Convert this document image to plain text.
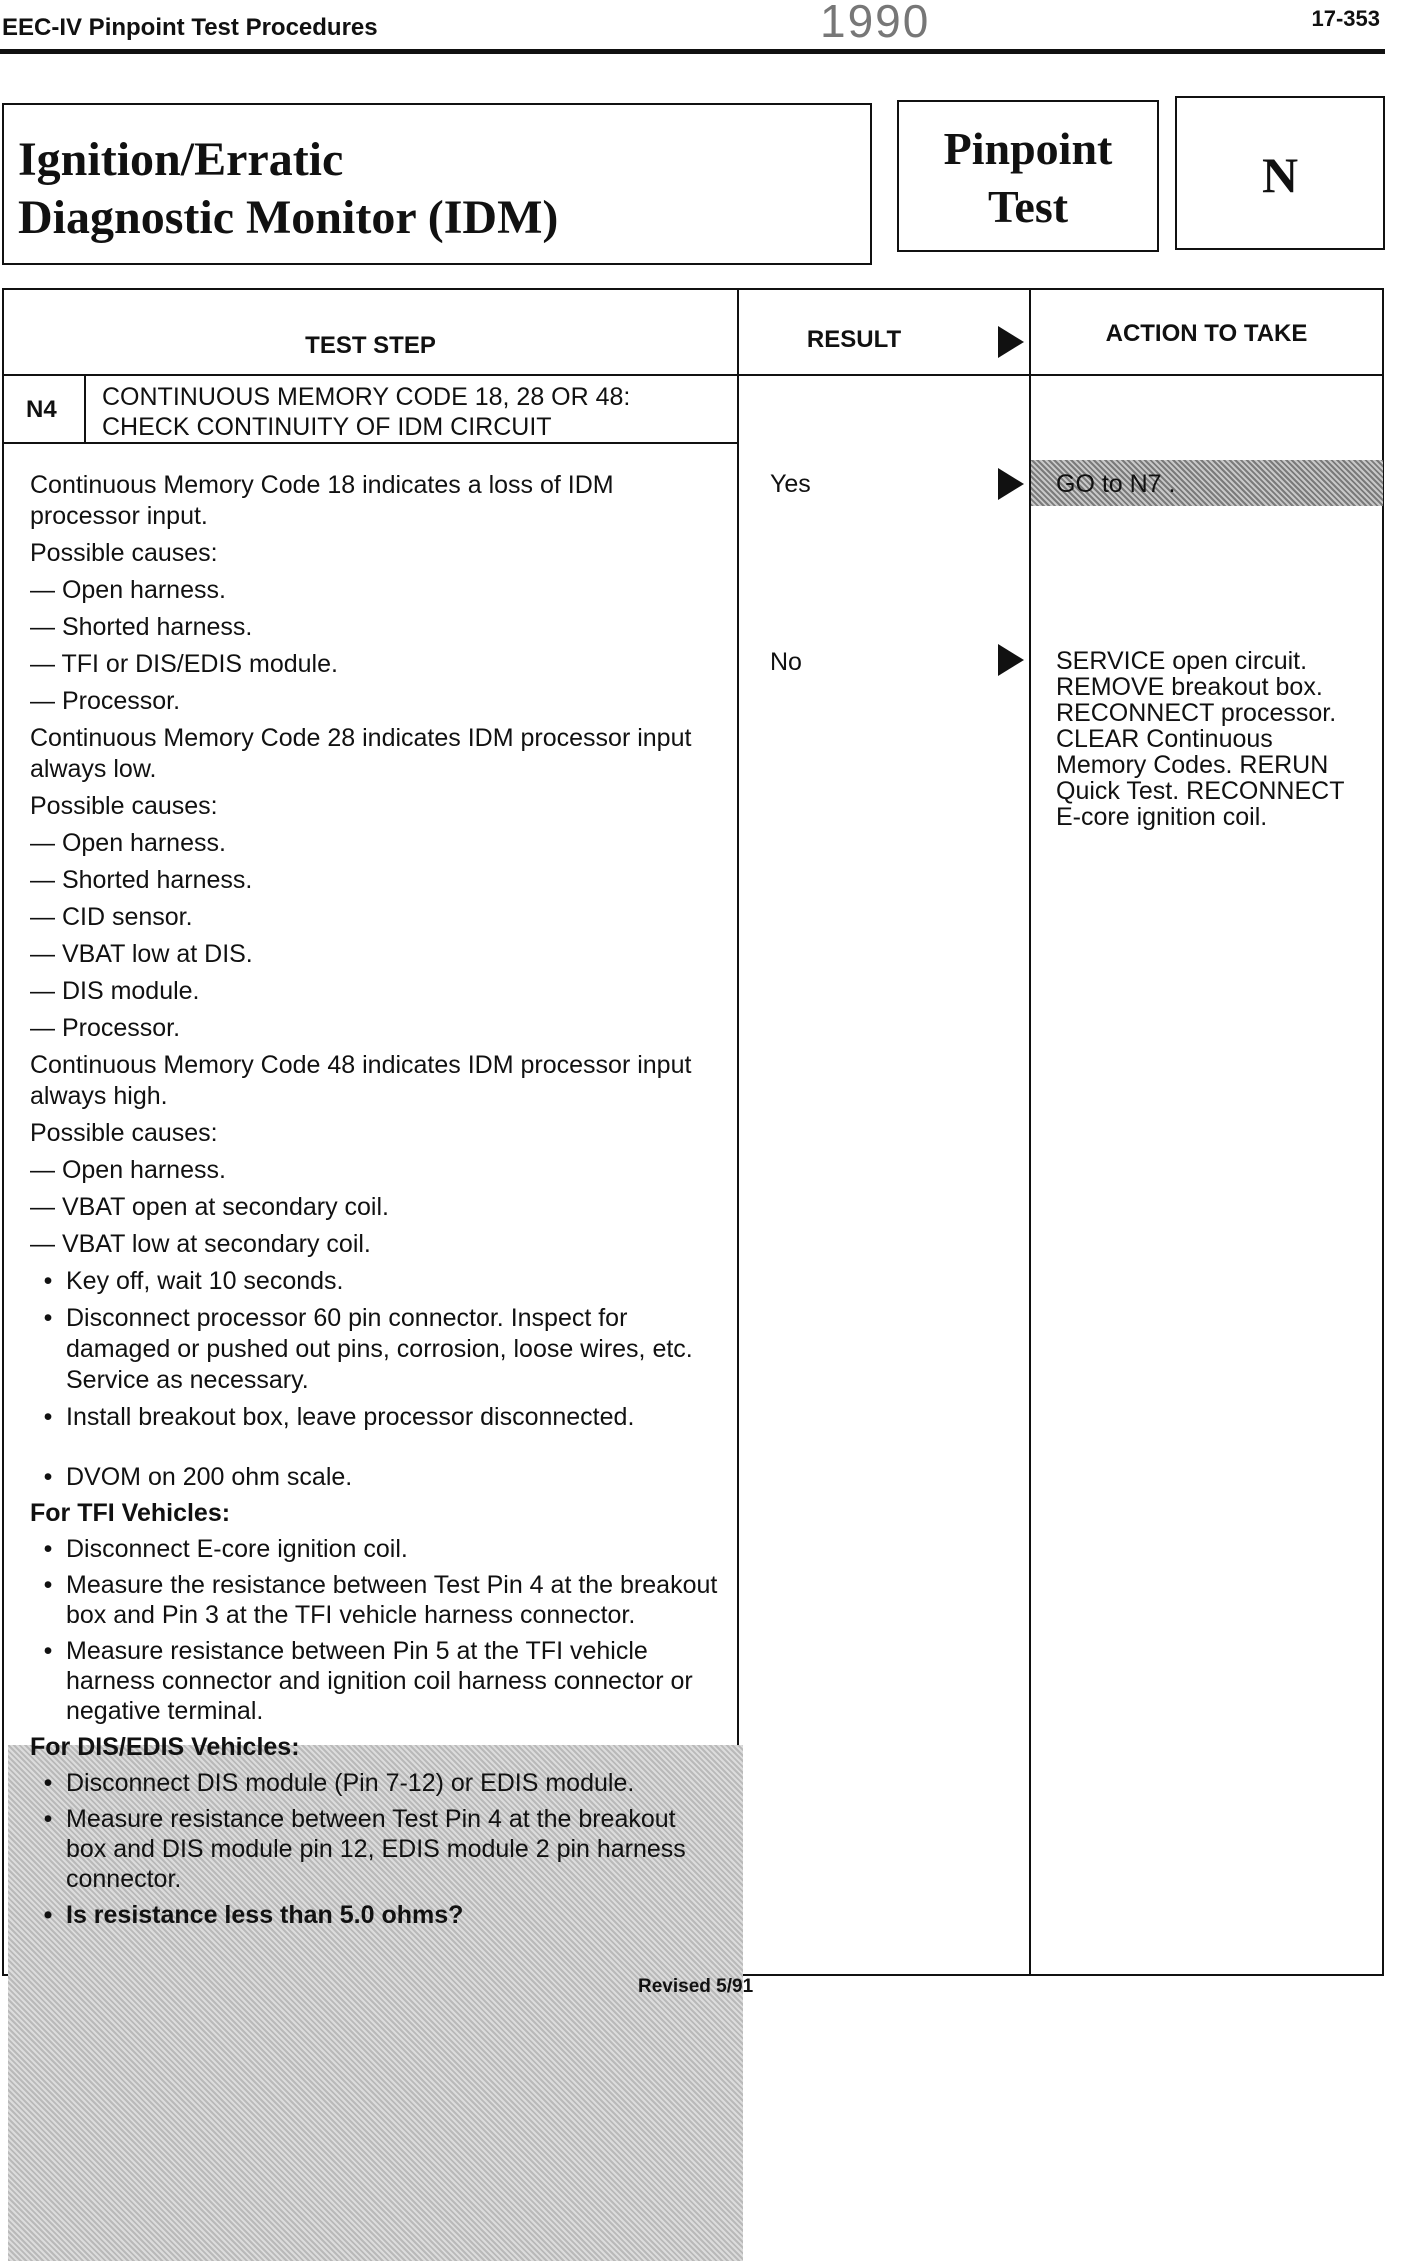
EEC-IV Pinpoint Test Procedures	1990	17-353
Ignition/Erratic
Diagnostic Monitor (IDM)
Pinpoint
Test
N
TEST STEP	RESULT	ACTION TO TAKE
N4 CONTINUOUS MEMORY CODE 18, 28 OR 48:
CHECK CONTINUITY OF IDM CIRCUIT
Yes	GO to N7 .
No	SERVICE open circuit. REMOVE breakout box. RECONNECT processor. CLEAR Continuous Memory Codes. RERUN Quick Test. RECONNECT E-core ignition coil.

Continuous Memory Code 18 indicates a loss of IDM processor input.

Possible causes:

— Open harness.
— Shorted harness.
— TFI or DIS/EDIS module.
— Processor.

Continuous Memory Code 28 indicates IDM processor input always low.

Possible causes:

— Open harness.
— Shorted harness.
— CID sensor.
— VBAT low at DIS.
— DIS module.
— Processor.

Continuous Memory Code 48 indicates IDM processor input always high.

Possible causes:

— Open harness.
— VBAT open at secondary coil.
— VBAT low at secondary coil.
• Key off, wait 10 seconds.
• Disconnect processor 60 pin connector. Inspect for damaged or pushed out pins, corrosion, loose wires, etc. Service as necessary.
• Install breakout box, leave processor disconnected.
• DVOM on 200 ohm scale.
For TFI Vehicles:
• Disconnect E-core ignition coil.
• Measure the resistance between Test Pin 4 at the breakout box and Pin 3 at the TFI vehicle harness connector.
• Measure resistance between Pin 5 at the TFI vehicle harness connector and ignition coil harness connector or negative terminal.
For DIS/EDIS Vehicles:
• Disconnect DIS module (Pin 7-12) or EDIS module.
• Measure resistance between Test Pin 4 at the breakout box and DIS module pin 12, EDIS module 2 pin harness connector.
• Is resistance less than 5.0 ohms?
Revised 5/91
